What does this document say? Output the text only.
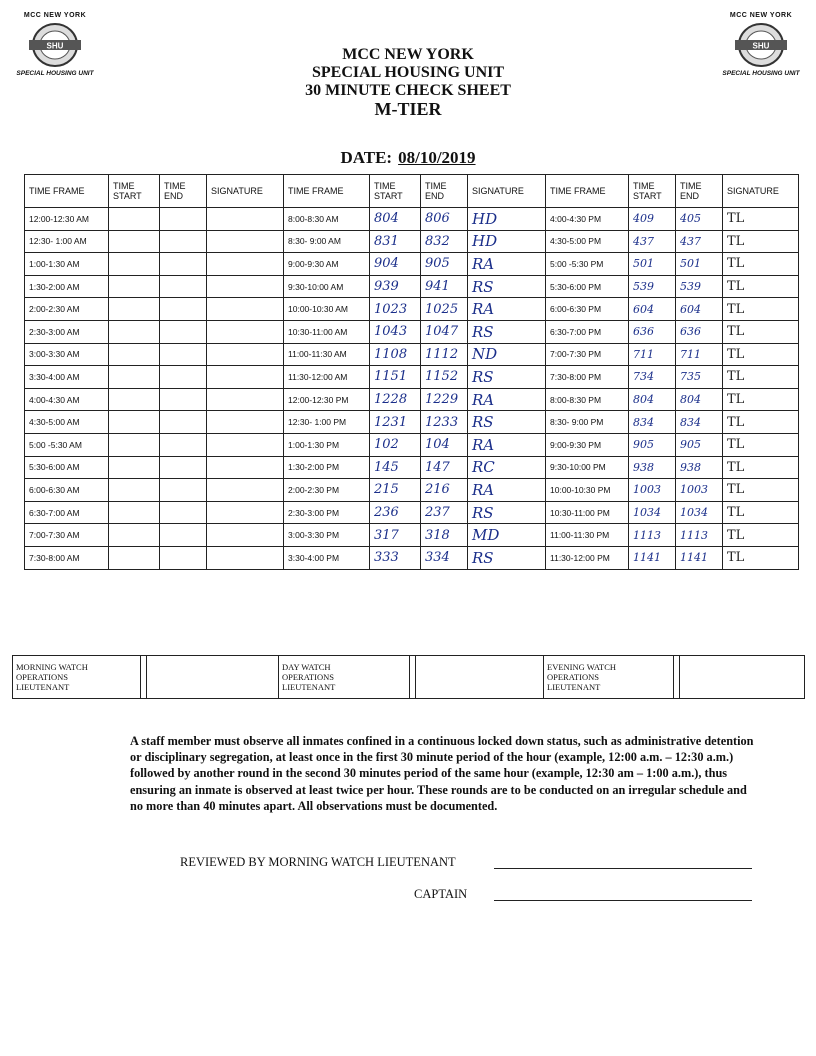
MCC NEW YORK
SHU
SPECIAL HOUSING UNIT
MCC NEW YORK
SHU
SPECIAL HOUSING UNIT
MCC NEW YORK
SPECIAL HOUSING UNIT
30 MINUTE CHECK SHEET
M-TIER
DATE: 08/10/2019
TIME FRAME	TIME START	TIME END	SIGNATURE	TIME FRAME	TIME START	TIME END	SIGNATURE	TIME FRAME	TIME START	TIME END	SIGNATURE
12:00-12:30 AM				8:00-8:30 AM	804	806	HD	4:00-4:30 PM	409	405	TL
12:30- 1:00 AM				8:30- 9:00 AM	831	832	HD	4:30-5:00 PM	437	437	TL
1:00-1:30 AM				9:00-9:30 AM	904	905	RA	5:00 -5:30 PM	501	501	TL
1:30-2:00 AM				9:30-10:00 AM	939	941	RS	5:30-6:00 PM	539	539	TL
2:00-2:30 AM				10:00-10:30 AM	1023	1025	RA	6:00-6:30 PM	604	604	TL
2:30-3:00 AM				10:30-11:00 AM	1043	1047	RS	6:30-7:00 PM	636	636	TL
3:00-3:30 AM				11:00-11:30 AM	1108	1112	ND	7:00-7:30 PM	711	711	TL
3:30-4:00 AM				11:30-12:00 AM	1151	1152	RS	7:30-8:00 PM	734	735	TL
4:00-4:30 AM				12:00-12:30 PM	1228	1229	RA	8:00-8:30 PM	804	804	TL
4:30-5:00 AM				12:30- 1:00 PM	1231	1233	RS	8:30- 9:00 PM	834	834	TL
5:00 -5:30 AM				1:00-1:30 PM	102	104	RA	9:00-9:30 PM	905	905	TL
5:30-6:00 AM				1:30-2:00 PM	145	147	RC	9:30-10:00 PM	938	938	TL
6:00-6:30 AM				2:00-2:30 PM	215	216	RA	10:00-10:30 PM	1003	1003	TL
6:30-7:00 AM				2:30-3:00 PM	236	237	RS	10:30-11:00 PM	1034	1034	TL
7:00-7:30 AM				3:00-3:30 PM	317	318	MD	11:00-11:30 PM	1113	1113	TL
7:30-8:00 AM				3:30-4:00 PM	333	334	RS	11:30-12:00 PM	1141	1141	TL
MORNING WATCH
OPERATIONS
LIEUTENANT			DAY WATCH
OPERATIONS
LIEUTENANT			EVENING WATCH
OPERATIONS
LIEUTENANT		
A staff member must observe all inmates confined in a continuous locked down status, such as administrative detention or disciplinary segregation, at least once in the first 30 minute period of the hour (example, 12:00 a.m. – 12:30 a.m.) followed by another round in the second 30 minutes period of the same hour (example, 12:30 am – 1:00 a.m.), thus ensuring an inmate is observed at least twice per hour. These rounds are to be conducted on an irregular schedule and no more than 40 minutes apart. All observations must be documented.
REVIEWED BY MORNING WATCH LIEUTENANT
CAPTAIN
